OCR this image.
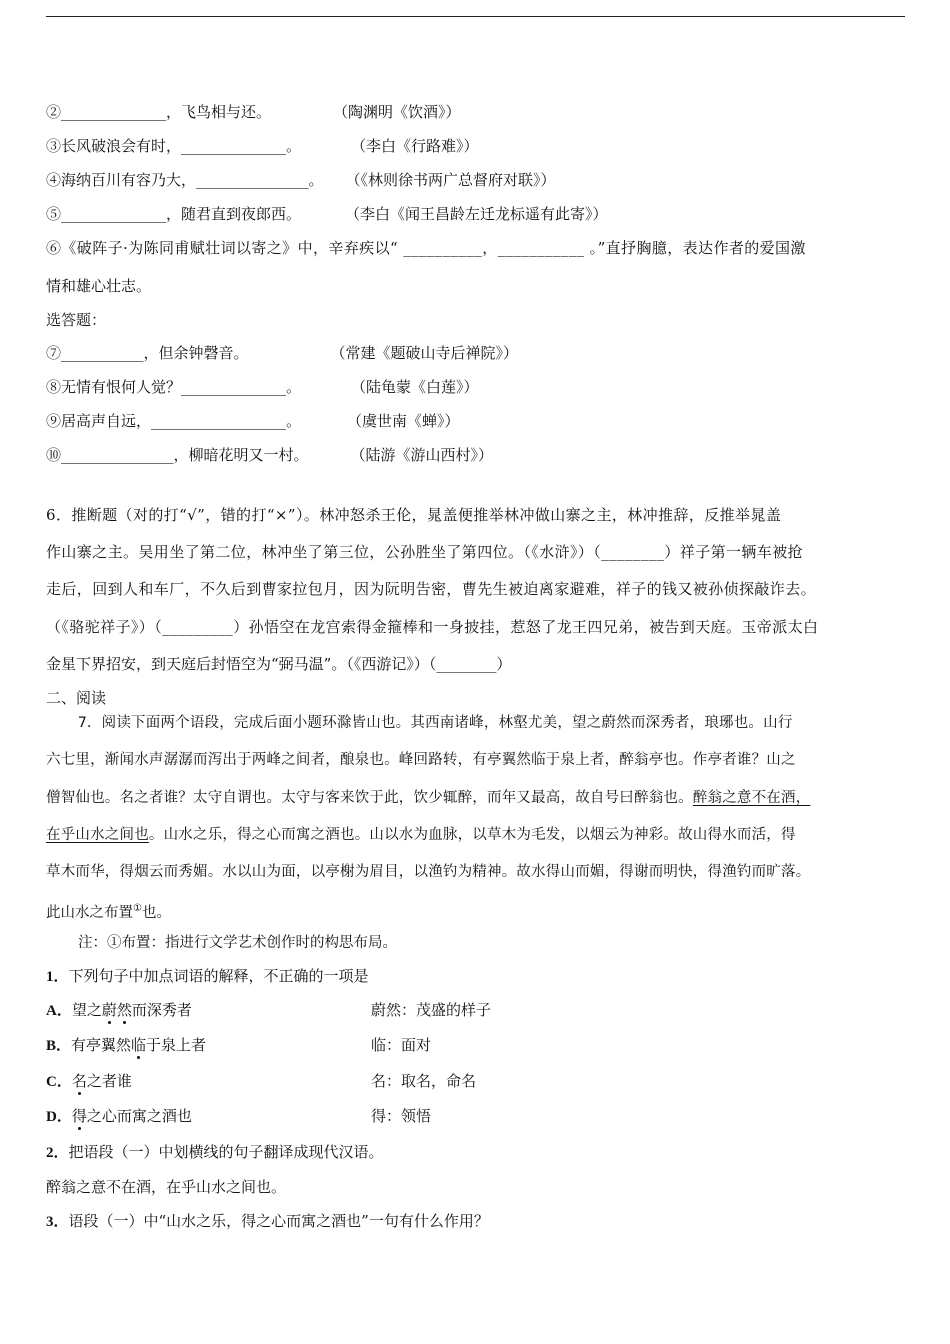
②______________，飞鸟相与还。	（陶渊明《饮酒》）
③长风破浪会有时，______________。	（李白《行路难》）
④海纳百川有容乃大，_______________。 （《林则徐书两广总督府对联》）
⑤______________，随君直到夜郎西。	（李白《闻王昌龄左迁龙标遥有此寄》）
⑥《破阵子·为陈同甫赋壮词以寄之》中，辛弃疾以“ __________，___________ 。”直抒胸臆，表达作者的爱国激
情和雄心壮志。
选答题：
⑦___________，但余钟磬音。	（常建《题破山寺后禅院》）
⑧无情有恨何人觉？______________。	（陆龟蒙《白莲》）
⑨居高声自远，__________________。	（虞世南《蝉》）
⑩_______________，柳暗花明又一村。	（陆游《游山西村》）
6．推断题（对的打“√”，错的打“×”）。林冲怒杀王伦，晁盖便推举林冲做山寨之主，林冲推辞，反推举晁盖
作山寨之主。吴用坐了第二位，林冲坐了第三位，公孙胜坐了第四位。（《水浒》）（________）祥子第一辆车被抢
走后，回到人和车厂，不久后到曹家拉包月，因为阮明告密，曹先生被迫离家避难，祥子的钱又被孙侦探敲诈去。
（《骆驼祥子》）（_________）孙悟空在龙宫索得金箍棒和一身披挂，惹怒了龙王四兄弟，被告到天庭。玉帝派太白
金星下界招安，到天庭后封悟空为“弼马温”。（《西游记》）（________）
二、阅读
7．阅读下面两个语段，完成后面小题环滁皆山也。其西南诸峰，林壑尤美，望之蔚然而深秀者，琅琊也。山行
六七里，渐闻水声潺潺而泻出于两峰之间者，酿泉也。峰回路转，有亭翼然临于泉上者，醉翁亭也。作亭者谁？山之
僧智仙也。名之者谁？太守自谓也。太守与客来饮于此，饮少辄醉，而年又最高，故自号曰醉翁也。醉翁之意不在酒，
在乎山水之间也。山水之乐，得之心而寓之酒也。山以水为血脉，以草木为毛发，以烟云为神彩。故山得水而活，得
草木而华，得烟云而秀媚。水以山为面，以亭榭为眉目，以渔钓为精神。故水得山而媚，得谢而明快，得渔钓而旷落。
此山水之布置①也。
注：①布置：指进行文学艺术创作时的构思布局。
1．下列句子中加点词语的解释，不正确的一项是
A．望之蔚然而深秀者	蔚然：茂盛的样子
B．有亭翼然临于泉上者	临：面对
C．名之者谁	名：取名，命名
D．得之心而寓之酒也	得：领悟
2．把语段（一）中划横线的句子翻译成现代汉语。
醉翁之意不在酒，在乎山水之间也。
3．语段（一）中“山水之乐，得之心而寓之酒也”一句有什么作用？
